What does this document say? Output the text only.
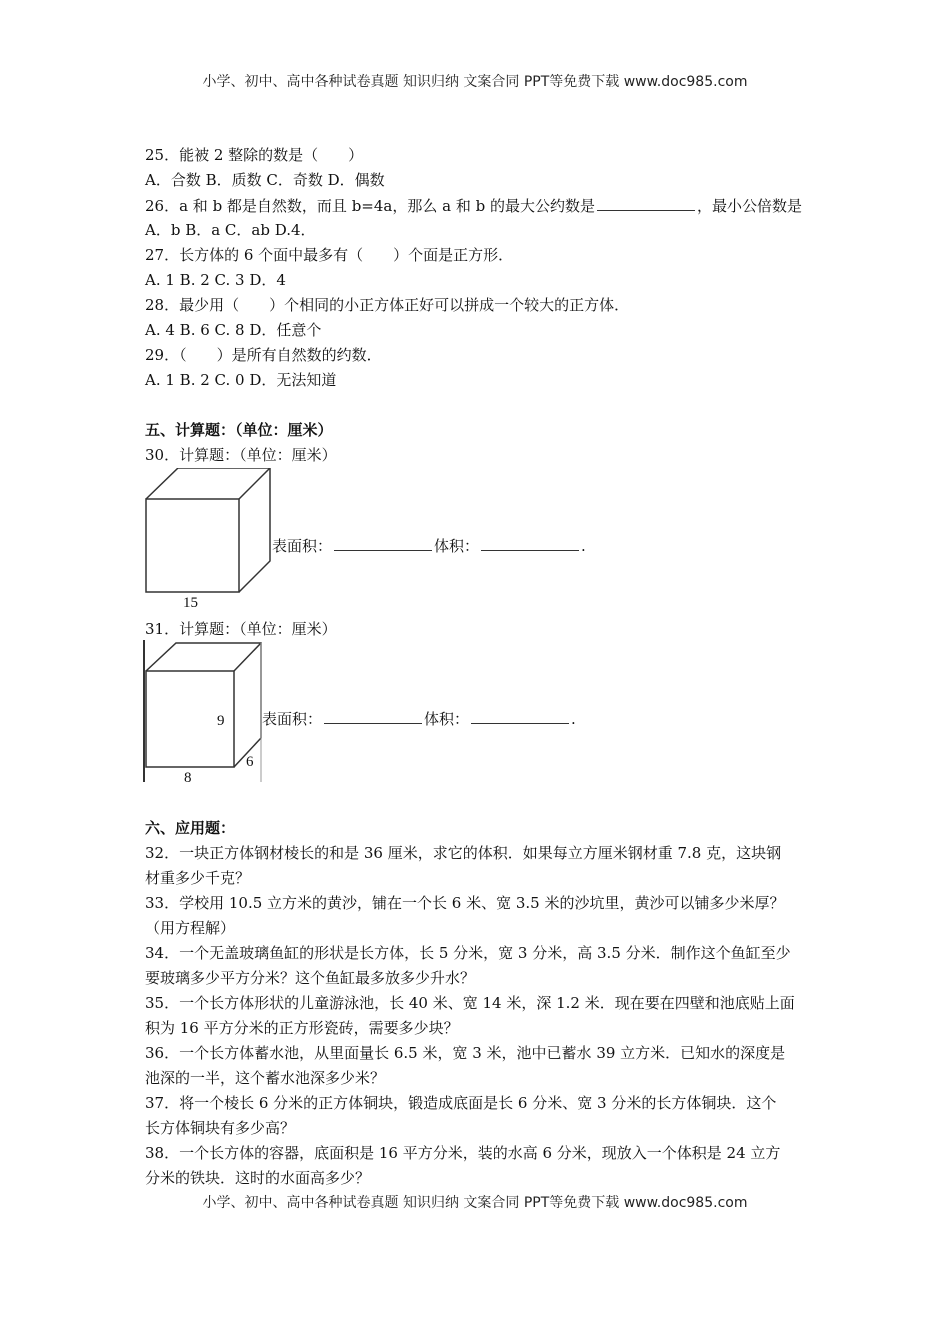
小学、初中、高中各种试卷真题 知识归纳 文案合同 PPT等免费下载 www.doc985.com
25．能被 2 整除的数是（　　）
A．合数 B．质数 C．奇数 D．偶数
26．a 和 b 都是自然数，而且 b=4a，那么 a 和 b 的最大公约数是	，最小公倍数是
A．b B．a C．ab D.4．
27．长方体的 6 个面中最多有（　　）个面是正方形．
A. 1 B. 2 C. 3 D．4
28．最少用（　　）个相同的小正方体正好可以拼成一个较大的正方体．
A. 4 B. 6 C. 8 D．任意个
29．（　　）是所有自然数的约数．
A. 1 B. 2 C. 0 D．无法知道
五、计算题：（单位：厘米）
30．计算题：（单位：厘米）
15
表面积：	体积：	.
31．计算题：（单位：厘米）
9
6
8
表面积：	体积：	.
六、应用题：
32．一块正方体钢材棱长的和是 36 厘米，求它的体积．如果每立方厘米钢材重 7.8 克，这块钢
材重多少千克？
33．学校用 10.5 立方米的黄沙，铺在一个长 6 米、宽 3.5 米的沙坑里，黄沙可以铺多少米厚？
（用方程解）
34．一个无盖玻璃鱼缸的形状是长方体，长 5 分米，宽 3 分米，高 3.5 分米．制作这个鱼缸至少
要玻璃多少平方分米？这个鱼缸最多放多少升水？
35．一个长方体形状的儿童游泳池，长 40 米、宽 14 米，深 1.2 米．现在要在四壁和池底贴上面
积为 16 平方分米的正方形瓷砖，需要多少块？
36．一个长方体蓄水池，从里面量长 6.5 米，宽 3 米，池中已蓄水 39 立方米．已知水的深度是
池深的一半，这个蓄水池深多少米？
37．将一个棱长 6 分米的正方体铜块，锻造成底面是长 6 分米、宽 3 分米的长方体铜块．这个
长方体铜块有多少高？
38．一个长方体的容器，底面积是 16 平方分米，装的水高 6 分米，现放入一个体积是 24 立方
分米的铁块．这时的水面高多少？
小学、初中、高中各种试卷真题 知识归纳 文案合同 PPT等免费下载 www.doc985.com
